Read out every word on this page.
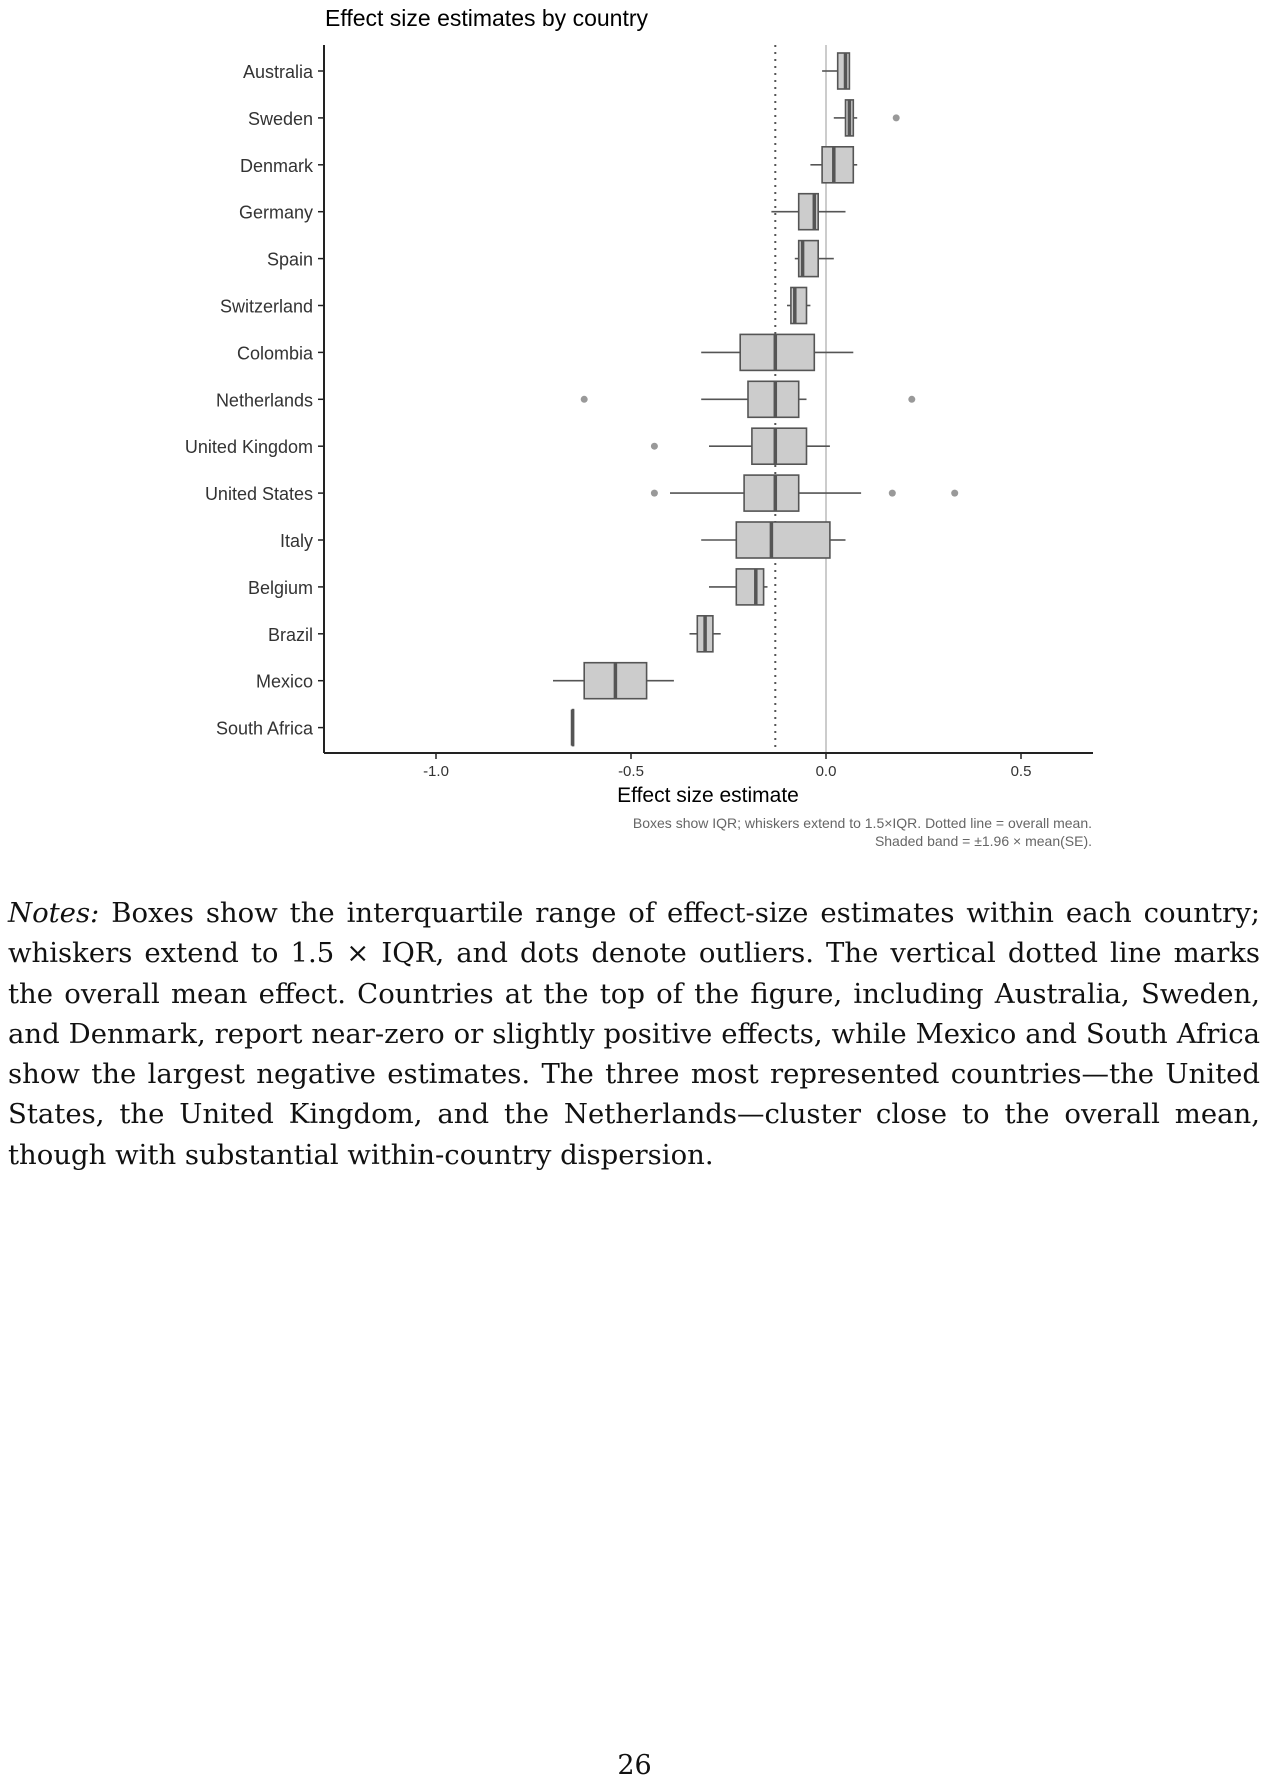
Effect size estimates by country
Australia
Sweden
Denmark
Germany
Spain
Switzerland
Colombia
Netherlands
United Kingdom
United States
Italy
Belgium
Brazil
Mexico
South Africa
-1.0	-0.5	0.0	0.5
Effect size estimate
Boxes show IQR; whiskers extend to 1.5×IQR. Dotted line = overall mean.
Shaded band = ±1.96 × mean(SE).

Notes: Boxes show the interquartile range of effect-size estimates within each country; whiskers extend to 1.5 × IQR, and dots denote outliers. The vertical dotted line marks the overall mean effect. Countries at the top of the figure, including Australia, Sweden, and Denmark, report near-zero or slightly positive effects, while Mexico and South Africa show the largest negative estimates. The three most represented countries—the United States, the United Kingdom, and the Netherlands—cluster close to the overall mean, though with substantial within-country dispersion.

26
